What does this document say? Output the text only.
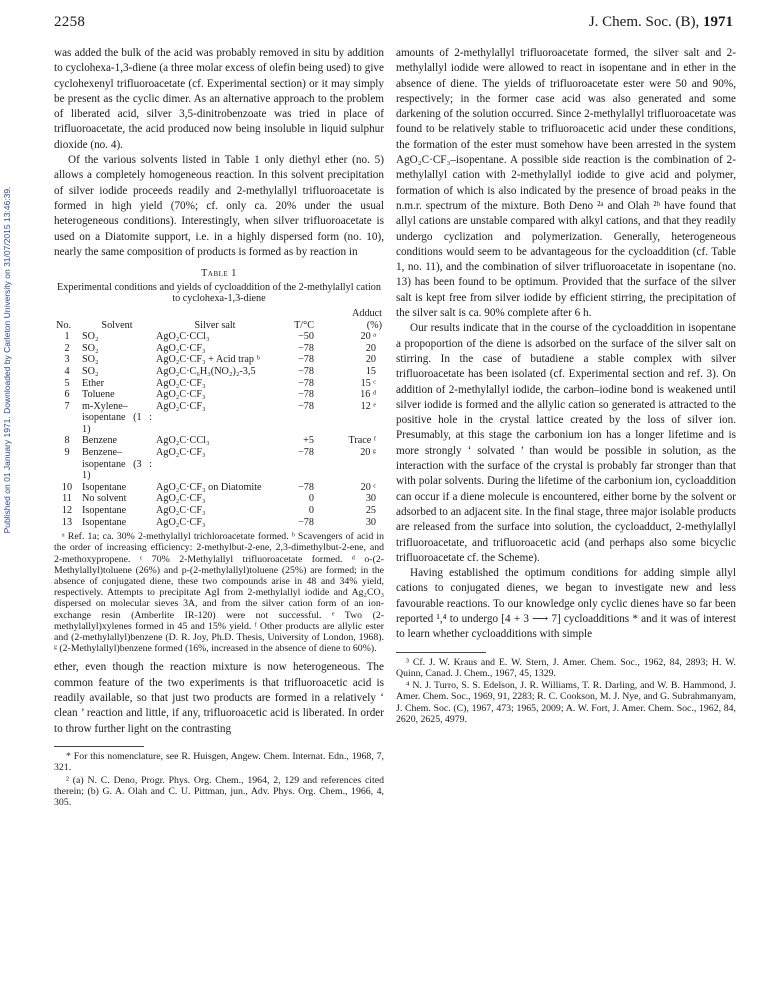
Published on 01 January 1971. Downloaded by Carleton University on 31/07/2015 13:46:39.
2258	J. Chem. Soc. (B), 1971

was added the bulk of the acid was probably removed in situ by addition to cyclohexa-1,3-diene (a three molar excess of olefin being used) to give cyclohexenyl trifluoroacetate (cf. Experimental section) or it may simply be present as the cyclic dimer. As an alternative approach to the problem of liberated acid, silver 3,5-dinitrobenzoate was tried in place of trifluoroacetate, the acid produced now being insoluble in liquid sulphur dioxide (no. 4).

Of the various solvents listed in Table 1 only diethyl ether (no. 5) allows a completely homogeneous reaction. In this solvent precipitation of silver iodide proceeds readily and 2-methylallyl trifluoroacetate is formed in high yield (70%; cf. only ca. 20% under the usual heterogeneous conditions). Interestingly, when silver trifluoroacetate is used on a Diatomite support, i.e. in a highly dispersed form (no. 10), nearly the same composition of products is formed as by reaction in

Table 1
Experimental conditions and yields of cycloaddition of the 2-methylallyl cation to cyclohexa-1,3-diene
No.	Solvent	Silver salt	T/°C	Adduct
(%)
1	SO₂	AgO₂C·CCl₃	−50	20 ᵃ
2	SO₂	AgO₂C·CF₃	−78	20
3	SO₂	AgO₂C·CF₃ + Acid trap ᵇ	−78	20
4	SO₂	AgO₂C·C₆H₃(NO₂)₂-3,5	−78	15
5	Ether	AgO₂C·CF₃	−78	15 ᶜ
6	Toluene	AgO₂C·CF₃	−78	16 ᵈ
7	m-Xylene–isopentane (1 : 1)	AgO₂C·CF₃	−78	12 ᵉ
8	Benzene	AgO₂C·CCl₃	+5	Trace ᶠ
9	Benzene–isopentane (3 : 1)	AgO₂C·CF₃	−78	20 ᵍ
10	Isopentane	AgO₂C·CF₃ on Diatomite	−78	20 ᶜ
11	No solvent	AgO₂C·CF₃	0	30
12	Isopentane	AgO₂C·CF₃	0	25
13	Isopentane	AgO₂C·CF₃	−78	30

ᵃ Ref. 1a; ca. 30% 2-methylallyl trichloroacetate formed. ᵇ Scavengers of acid in the order of increasing efficiency: 2-methylbut-2-ene, 2,3-dimethylbut-2-ene, and 2-methoxypropene. ᶜ 70% 2-Methylallyl trifluoroacetate formed. ᵈ o-(2-Methylallyl)toluene (26%) and p-(2-methylallyl)toluene (25%) are formed; in the absence of conjugated diene, these two compounds arise in 48 and 34% yield, respectively. Attempts to precipitate AgI from 2-methylallyl iodide and Ag₂CO₃ dispersed on molecular sieves 3A, and from the silver cation form of an ion-exchange resin (Amberlite IR-120) were not successful. ᵉ Two (2-methylallyl)xylenes formed in 45 and 15% yield. ᶠ Other products are allylic ester and (2-methylallyl)benzene (D. R. Joy, Ph.D. Thesis, University of London, 1968). ᵍ (2-Methylallyl)benzene formed (16%, increased in the absence of diene to 60%).

ether, even though the reaction mixture is now heterogeneous. The common feature of the two experiments is that trifluoroacetic acid is readily available, so that just two products are formed in a relatively ‘ clean ’ reaction and little, if any, trifluoroacetic acid is liberated. In order to throw further light on the contrasting

* For this nomenclature, see R. Huisgen, Angew. Chem. Internat. Edn., 1968, 7, 321.

² (a) N. C. Deno, Progr. Phys. Org. Chem., 1964, 2, 129 and references cited therein; (b) G. A. Olah and C. U. Pittman, jun., Adv. Phys. Org. Chem., 1966, 4, 305.

amounts of 2-methylallyl trifluoroacetate formed, the silver salt and 2-methylallyl iodide were allowed to react in isopentane and in ether in the absence of diene. The yields of trifluoroacetate ester were 50 and 90%, respectively; in the former case acid was also generated and some darkening of the solution occurred. Since 2-methylallyl trifluoroacetate was found to be relatively stable to trifluoroacetic acid under these conditions, the formation of the ester must somehow have been arrested in the system AgO₂C·CF₃–isopentane. A possible side reaction is the combination of 2-methylallyl cation with 2-methylallyl iodide to give acid and polymer, formation of which is also indicated by the presence of broad peaks in the n.m.r. spectrum of the mixture. Both Deno ²ᵃ and Olah ²ᵇ have found that allyl cations are unstable compared with alkyl cations, and that they readily undergo cyclization and polymerization. Generally, heterogeneous conditions would seem to be advantageous for the cycloaddition (cf. Table 1, no. 11), and the combination of silver trifluoroacetate in isopentane (no. 13) has been found to be optimum. Provided that the surface of the silver salt is kept free from silver iodide by efficient stirring, the precipitation of the silver salt is ca. 90% complete after 6 h.

Our results indicate that in the course of the cycloaddition in isopentane a propoportion of the diene is adsorbed on the surface of the silver salt on stirring. In the case of butadiene a stable complex with silver trifluoroacetate has been isolated (cf. Experimental section and ref. 3). On addition of 2-methylallyl iodide, the carbon–iodine bond is weakened until silver iodide is formed and the allylic cation so generated is attracted to the positive hole in the crystal lattice created by the loss of silver ion. Presumably, at this stage the carbonium ion has a longer lifetime and is more strongly ‘ solvated ’ than would be possible in solution, as the interaction with the surface of the crystal is probably far stronger than that with polar solvents. During the lifetime of the carbonium ion, cycloaddition can occur if a diene molecule is encountered, either borne by the solvent or adsorbed to an adjacent site. In the final stage, three major isolable products are released from the surface into solution, the cycloadduct, 2-methylallyl trifluoroacetate, and trifluoroacetic acid (and perhaps also some bicyclic trifluoroacetate cf. the Scheme).

Having established the optimum conditions for adding simple allyl cations to conjugated dienes, we began to investigate new and less favourable reactions. To our knowledge only cyclic dienes have so far been reported ¹,⁴ to undergo [4 + 3 ⟶ 7] cycloadditions * and it was of interest to learn whether cycloadditions with simple

³ Cf. J. W. Kraus and E. W. Stern, J. Amer. Chem. Soc., 1962, 84, 2893; H. W. Quinn, Canad. J. Chem., 1967, 45, 1329.

⁴ N. J. Turro, S. S. Edelson, J. R. Williams, T. R. Darling, and W. B. Hammond, J. Amer. Chem. Soc., 1969, 91, 2283; R. C. Cookson, M. J. Nye, and G. Subrahmanyam, J. Chem. Soc. (C), 1967, 473; 1965, 2009; A. W. Fort, J. Amer. Chem. Soc., 1962, 84, 2620, 2625, 4979.
